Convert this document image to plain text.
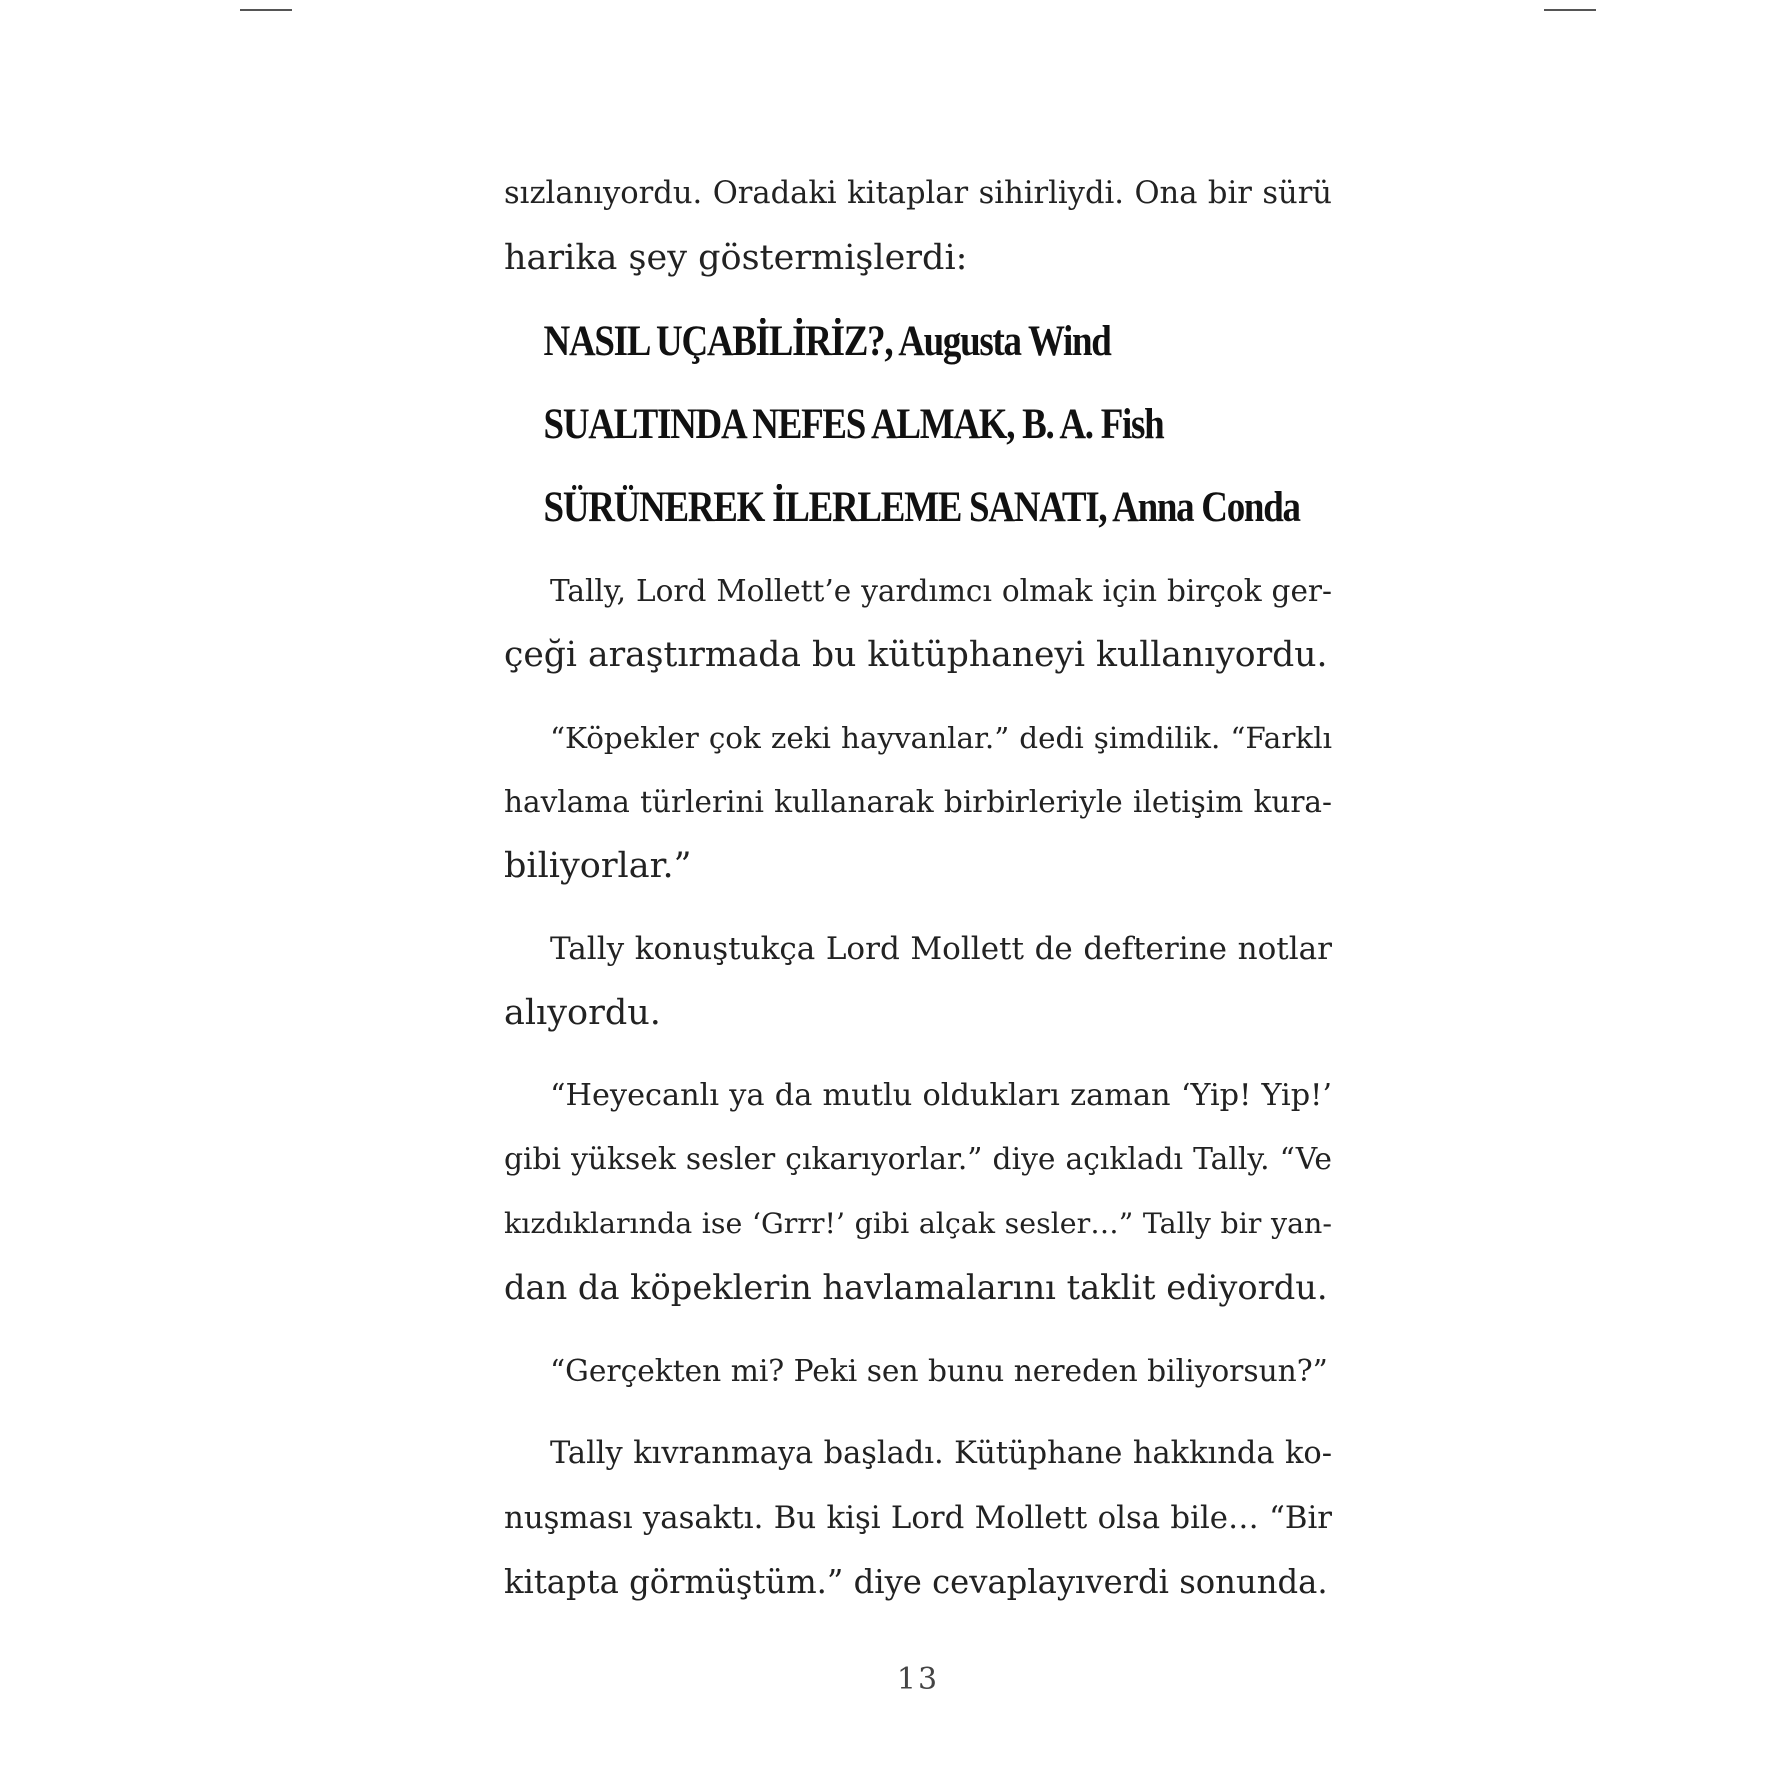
sızlanıyordu. Oradaki kitaplar sihirliydi. Ona bir sürü
harika şey göstermişlerdi:
NASIL UÇABİLİRİZ?, Augusta Wind
SUALTINDA NEFES ALMAK, B. A. Fish
SÜRÜNEREK İLERLEME SANATI, Anna Conda
Tally, Lord Mollett’e yardımcı olmak için birçok ger-
çeği araştırmada bu kütüphaneyi kullanıyordu.
“Köpekler çok zeki hayvanlar.” dedi şimdilik. “Farklı
havlama türlerini kullanarak birbirleriyle iletişim kura-
biliyorlar.”
Tally konuştukça Lord Mollett de defterine notlar
alıyordu.
“Heyecanlı ya da mutlu oldukları zaman ‘Yip! Yip!’
gibi yüksek sesler çıkarıyorlar.” diye açıkladı Tally. “Ve
kızdıklarında ise ‘Grrr!’ gibi alçak sesler…” Tally bir yan-
dan da köpeklerin havlamalarını taklit ediyordu.
“Gerçekten mi? Peki sen bunu nereden biliyorsun?”
Tally kıvranmaya başladı. Kütüphane hakkında ko-
nuşması yasaktı. Bu kişi Lord Mollett olsa bile… “Bir
kitapta görmüştüm.” diye cevaplayıverdi sonunda.
13
